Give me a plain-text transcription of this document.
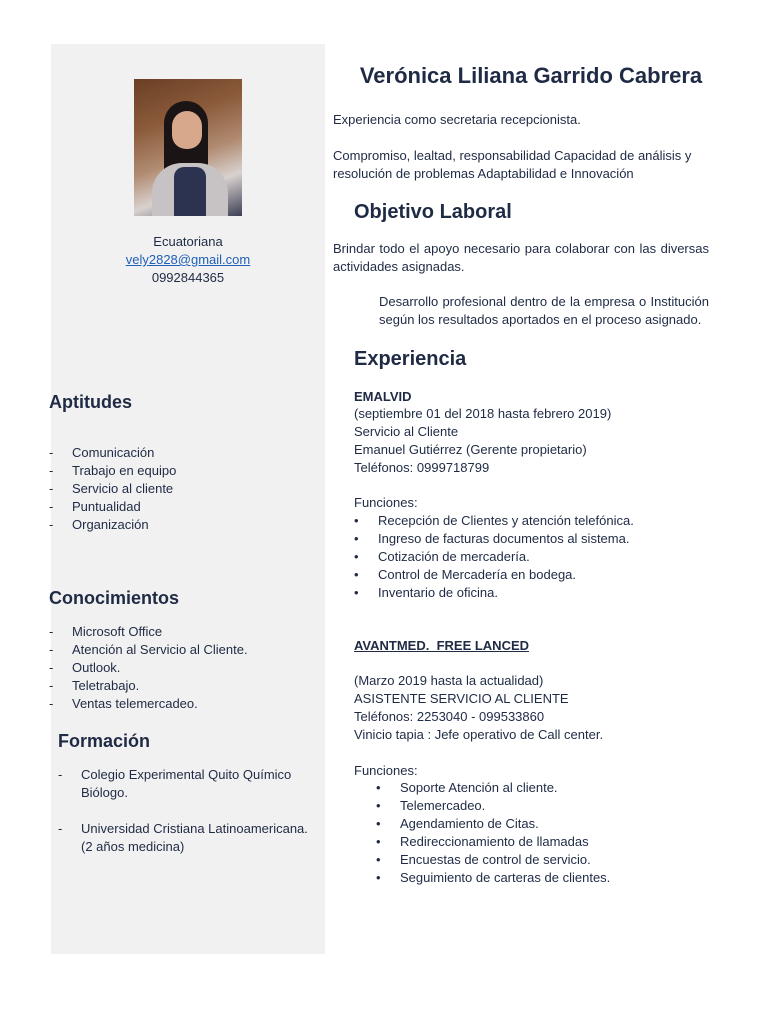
Ecuatoriana
vely2828@gmail.com
0992844365
Aptitudes
- Comunicación
- Trabajo en equipo
- Servicio al cliente
- Puntualidad
- Organización
Conocimientos
- Microsoft Office
- Atención al Servicio al Cliente.
- Outlook.
- Teletrabajo.
- Ventas telemercadeo.
Formación
- Colegio Experimental Quito Químico Biólogo.
- Universidad Cristiana Latinoamericana. (2 años medicina)
Verónica Liliana Garrido Cabrera

Experiencia como secretaria recepcionista.

Compromiso, lealtad, responsabilidad Capacidad de análisis y resolución de problemas Adaptabilidad e Innovación

Objetivo Laboral

Brindar todo el apoyo necesario para colaborar con las diversas actividades asignadas.

Desarrollo profesional dentro de la empresa o Institución según los resultados aportados en el proceso asignado.

Experiencia
EMALVID
(septiembre 01 del 2018 hasta febrero 2019)
Servicio al Cliente
Emanuel Gutiérrez (Gerente propietario)
Teléfonos: 0999718799
Funciones:
• Recepción de Clientes y atención telefónica.
• Ingreso de facturas documentos al sistema.
• Cotización de mercadería.
• Control de Mercadería en bodega.
• Inventario de oficina.
AVANTMED.  FREE LANCED
(Marzo 2019 hasta la actualidad)
ASISTENTE SERVICIO AL CLIENTE
Teléfonos: 2253040 - 099533860
Vinicio tapia : Jefe operativo de Call center.
Funciones:
• Soporte Atención al cliente.
• Telemercadeo.
• Agendamiento de Citas.
• Redireccionamiento de llamadas
• Encuestas de control de servicio.
• Seguimiento de carteras de clientes.
